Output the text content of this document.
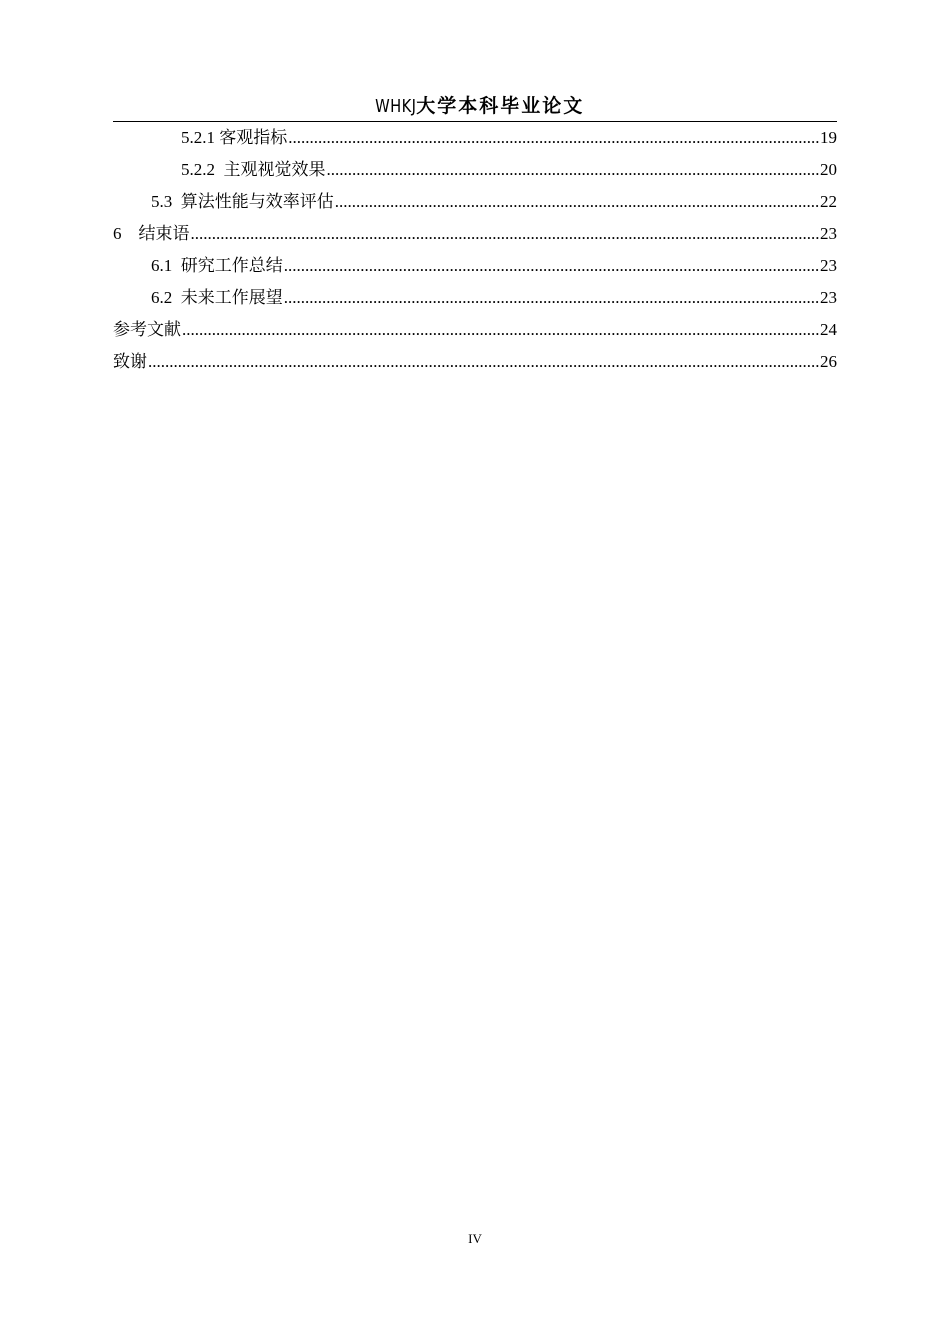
WHKJ大学本科毕业论文
5.2.1 客观指标 .....	19
5.2.2 主观视觉效果 .....	20
5.3 算法性能与效率评估 .....	22
6 结束语 .....	23
6.1 研究工作总结 .....	23
6.2 未来工作展望 .....	23
参考文献 .....	24
致谢 .....	26
IV
